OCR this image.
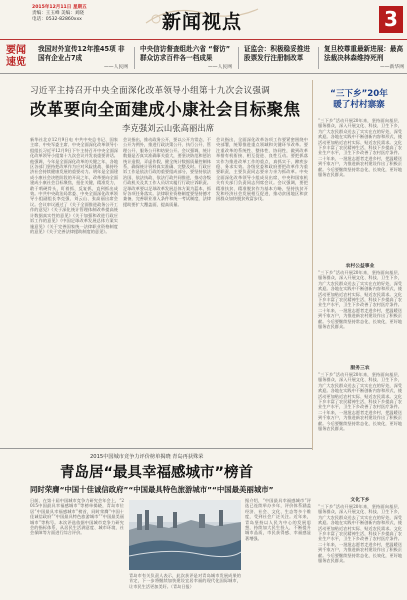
2015年12月11日 星期五
责编：王玉峰 美编：刘晓
电话：0532-82860xxx	新闻视点	3
要闻速览
我国对外宣传12年推45项 非国有企业占7成
——人民网
中央信访督查组赴六省 “督访” 群众访求百件各一档成果
——人民网
证监会：积极稳妥推进 股票发行注册制改革
复旦校尊重最新进展：最高法裁决林森维持死刑
——新华网
习近平主持召开中央全面深化改革领导小组第十九次会议强调
改革要向全面建成小康社会目标聚焦
李克强刘云山张高丽出席

新华社北京12月9日电 中共中央总书记、国家主席、中央军委主席、中央全面深化改革领导小组组长习近平12月9日下午主持召开中央全面深化改革领导小组第十九次会议并发表重要讲话。他强调，今年是全面深化改革的关键之年，各地区各部门坚持把改革作为应对风险挑战、保持经济社会持续健康发展的重要动力。明年是全面建成小康社会决胜阶段的开局之年，改革要向全面建成小康社会目标聚焦，扭住关键，精准发力，敢于啃硬骨头，盯着抓、反复抓，直到抓出成效。中共中央政治局常委、中央全面深化改革领导小组副组长李克强、刘云山、张高丽出席会议。会议审议通过了《关于全面推进政务公开工作的意见》《关于深化统计管理体制改革提高统计数据真实性的意见》《关于加强和改进行政应诉工作的意见》《中国足球改革发展总体方案实施意见》《关于完善国家统一法律职业资格制度的意见》《关于完善法律援助制度的意见》。

会议指出，推动政务公开，要以公开为常态、不公开为例外，推进行政决策公开、执行公开、管理公开、服务公开和结果公开。会议强调，统计数据是否真实准确事关重大，要坚决防范和惩治统计造假、弄虚作假，健全统计数据质量控制体系，确保统计资料真实准确、完整及时。行政应诉工作是依法行政的重要组成部分，要坚持依法治国、依法执政、依法行政共同推进，推动各级行政机关及其工作人员切实履行行政应诉职责。足球改革要以足球改革发展总体方案为蓝本，抓好各项任务落实。法律职业资格制度要坚持德才兼备，完善职业准入条件和统一考试制度，法律援助要扩大覆盖面，提高质量。

会议指出，全面深化改革各项工作要紧密围绕中央部署，统筹推进重点领域和关键环节改革。要注重改革的系统性、整体性、协同性，做到改革举措有机衔接、相互促进、良性互动。要把抓落实作为推进改革工作的重点，真抓实干、蹄疾步稳、务求实效。各级党委和政府要把改革作为重要职责，主要负责同志要亲力亲为抓改革。中央全面深化改革领导小组成员出席，中央和国家机关有关部门负责同志列席会议。会议强调，要把精准扶贫、精准脱贫作为基本方略，坚持扶贫开发和经济社会发展相互促进，推动贫困地区和贫困群众加快脱贫致富步伐。

“三下乡”20年
暖了村村寨寨

“三下乡”活动开展20年来，坚持面向基层、服务群众，深入开展文化、科技、卫生下乡，为广大农民群众送去了实实在在的好处，深受欢迎。各地在实践中不断创新内容和形式，使活动更加贴近农村实际、贴近农民需求。文化下乡丰富了农民精神生活，科技下乡提高了农业生产水平，卫生下乡改善了农村医疗条件。二十年来，一批批志愿者走进乡村，把温暖送到千家万户，为推进新农村建设作出了积极贡献。今后要继续坚持常态化、长效化，更好地服务农民群众。

农村公益事业

“三下乡”活动开展20年来，坚持面向基层、服务群众，深入开展文化、科技、卫生下乡，为广大农民群众送去了实实在在的好处，深受欢迎。各地在实践中不断创新内容和形式，使活动更加贴近农村实际、贴近农民需求。文化下乡丰富了农民精神生活，科技下乡提高了农业生产水平，卫生下乡改善了农村医疗条件。二十年来，一批批志愿者走进乡村，把温暖送到千家万户，为推进新农村建设作出了积极贡献。今后要继续坚持常态化、长效化，更好地服务农民群众。

服务三农

“三下乡”活动开展20年来，坚持面向基层、服务群众，深入开展文化、科技、卫生下乡，为广大农民群众送去了实实在在的好处，深受欢迎。各地在实践中不断创新内容和形式，使活动更加贴近农村实际、贴近农民需求。文化下乡丰富了农民精神生活，科技下乡提高了农业生产水平，卫生下乡改善了农村医疗条件。二十年来，一批批志愿者走进乡村，把温暖送到千家万户，为推进新农村建设作出了积极贡献。今后要继续坚持常态化、长效化，更好地服务农民群众。

文化下乡

“三下乡”活动开展20年来，坚持面向基层、服务群众，深入开展文化、科技、卫生下乡，为广大农民群众送去了实实在在的好处，深受欢迎。各地在实践中不断创新内容和形式，使活动更加贴近农村实际、贴近农民需求。文化下乡丰富了农民精神生活，科技下乡提高了农业生产水平，卫生下乡改善了农村医疗条件。二十年来，一批批志愿者走进乡村，把温暖送到千家万户，为推进新农村建设作出了积极贡献。今后要继续坚持常态化、长效化，更好地服务农民群众。

2015中国城市竞争力评价榜单揭晓 青岛再获殊荣
青岛居“最具幸福感城市”榜首
同时荣膺“中国十佳诚信政府”“中国最具特色旅游城市”“中国最美丽城市”

日前，在第十届中国城市竞争力研究会年会上，“2015中国最具幸福感城市”等榜单揭晓，青岛市位居“中国最具幸福感城市”榜首，同时荣膺“中国十佳诚信政府”“中国最具特色旅游城市”“中国最美丽城市”等称号。本次评选依据中国城市竞争力研究会的指标体系，从居民生活满意度、城市环境、社会保障等方面进行综合评价。

据介绍，“中国最具幸福感城市”评选已连续举办多年，评价体系涵盖经济、社会、文化、生态等多个维度，受到社会广泛关注。近年来，青岛坚持以人民为中心的发展思想，持续加大民生投入，不断提升城市品质，市民获得感、幸福感显著增强。

青岛市有关负责人表示，此次获评是对青岛城市发展成果的肯定，下一步将继续加快建设宜居幸福的现代化国际城市，让市民生活更加美好。（青岛日报）
